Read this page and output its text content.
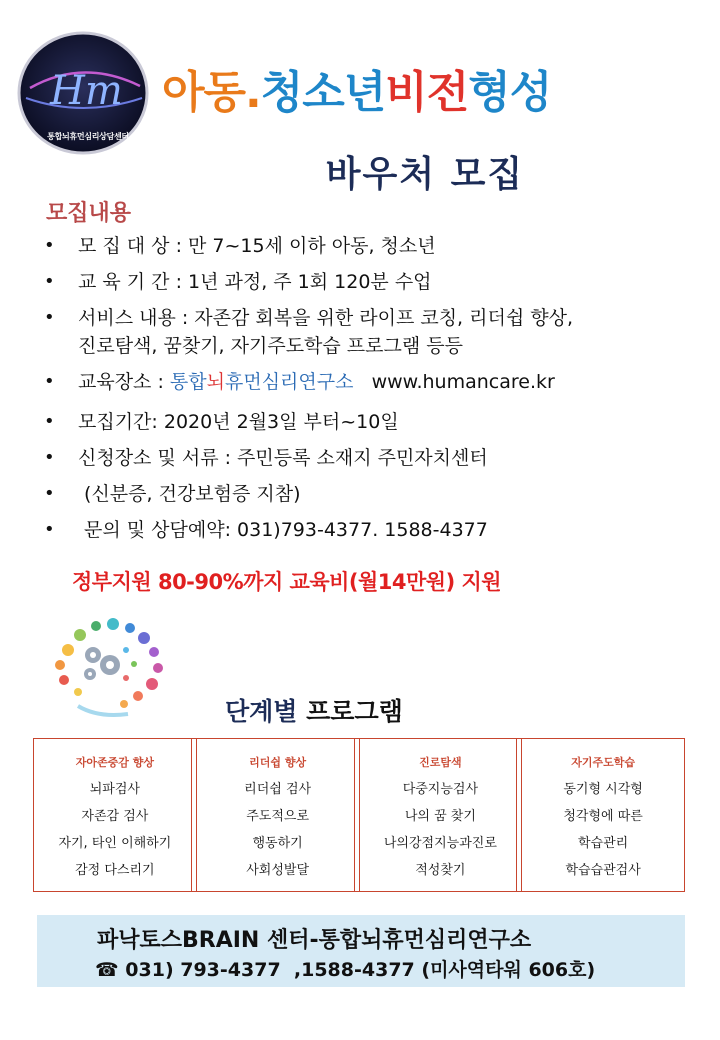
Hm
통합뇌휴먼심리상담센터
아동.청소년비전형성
바우처 모집
모집내용
• 모 집 대 상 : 만 7~15세 이하 아동, 청소년
• 교 육 기 간 : 1년 과정, 주 1회 120분 수업
• 서비스 내용 : 자존감 회복을 위한 라이프 코칭, 리더쉽 향상,
진로탐색, 꿈찾기, 자기주도학습 프로그램 등등
• 교육장소 : 통합뇌휴먼심리연구소   www.humancare.kr
• 모집기간: 2020년 2월3일 부터~10일
• 신청장소 및 서류 : 주민등록 소재지 주민자치센터
• (신분증, 건강보험증 지참)
• 문의 및 상담예약: 031)793-4377. 1588-4377
정부지원 80-90%까지 교육비(월14만원) 지원
단계별 프로그램
자아존중감 향상
뇌파검사
자존감 검사
자기, 타인 이해하기
감정 다스리기
리더쉽 향상
리더쉽 검사
주도적으로
행동하기
사회성발달
진로탐색
다중지능검사
나의 꿈 찾기
나의강점지능과진로
적성찾기
자기주도학습
동기형 시각형
청각형에 따른
학습관리
학습습관검사
파낙토스BRAIN 센터-통합뇌휴먼심리연구소
☎ 031) 793-4377  ,1588-4377 (미사역타워 606호)
